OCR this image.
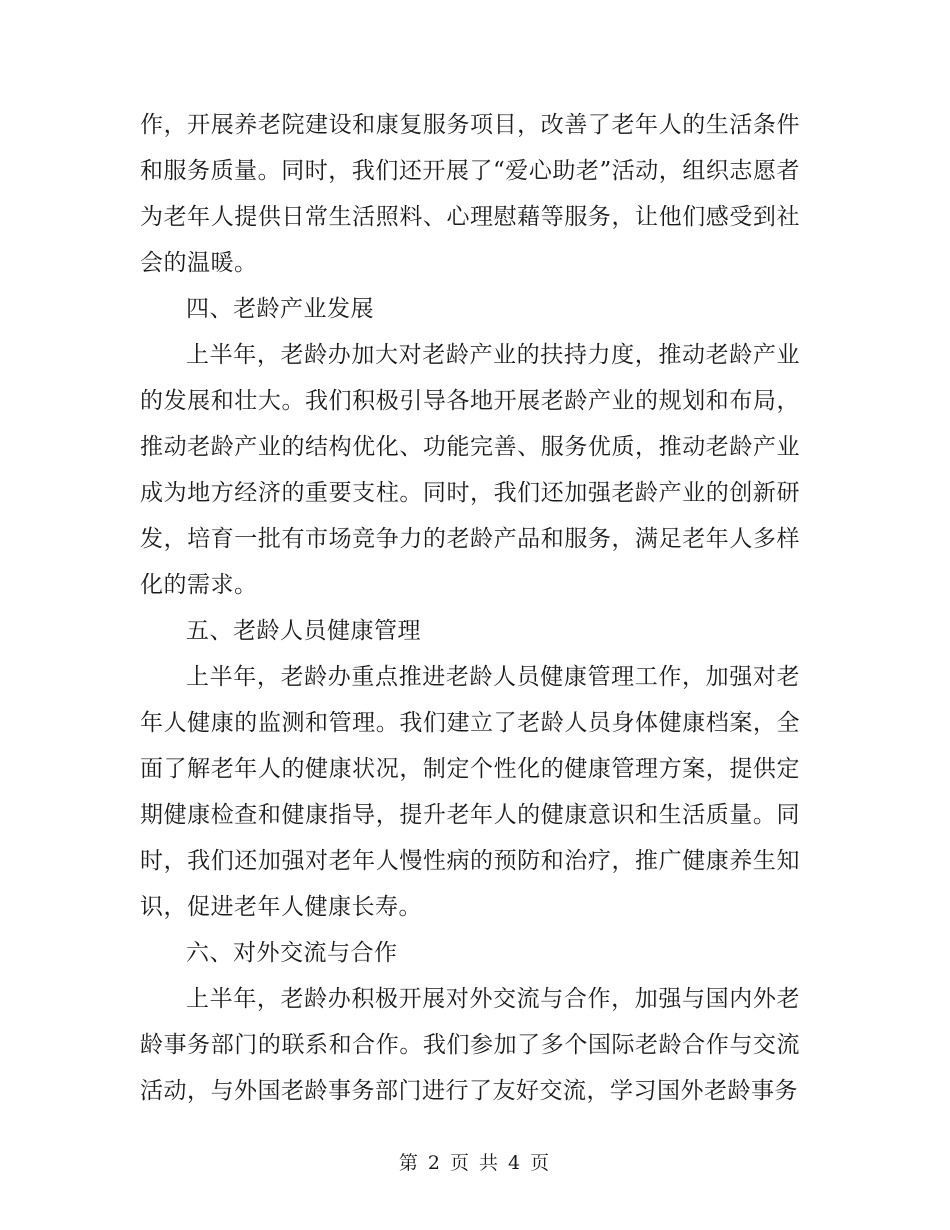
作，开展养老院建设和康复服务项目，改善了老年人的生活条件和服务质量。同时，我们还开展了“爱心助老”活动，组织志愿者为老年人提供日常生活照料、心理慰藉等服务，让他们感受到社会的温暖。

四、老龄产业发展

上半年，老龄办加大对老龄产业的扶持力度，推动老龄产业的发展和壮大。我们积极引导各地开展老龄产业的规划和布局，推动老龄产业的结构优化、功能完善、服务优质，推动老龄产业成为地方经济的重要支柱。同时，我们还加强老龄产业的创新研发，培育一批有市场竞争力的老龄产品和服务，满足老年人多样化的需求。

五、老龄人员健康管理

上半年，老龄办重点推进老龄人员健康管理工作，加强对老年人健康的监测和管理。我们建立了老龄人员身体健康档案，全面了解老年人的健康状况，制定个性化的健康管理方案，提供定期健康检查和健康指导，提升老年人的健康意识和生活质量。同时，我们还加强对老年人慢性病的预防和治疗，推广健康养生知识，促进老年人健康长寿。

六、对外交流与合作

上半年，老龄办积极开展对外交流与合作，加强与国内外老龄事务部门的联系和合作。我们参加了多个国际老龄合作与交流活动，与外国老龄事务部门进行了友好交流，学习国外老龄事务

第 2 页 共 4 页
